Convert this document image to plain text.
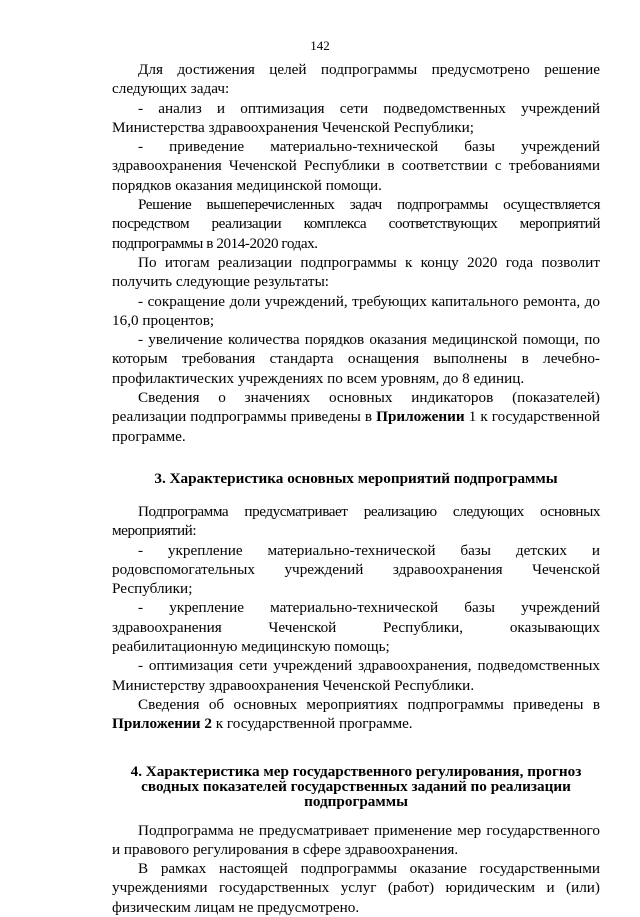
142

Для достижения целей подпрограммы предусмотрено решение следующих задач:

- анализ и оптимизация сети подведомственных учреждений Министерства здравоохранения Чеченской Республики;

- приведение материально-технической базы учреждений здравоохранения Чеченской Республики в соответствии с требованиями порядков оказания медицинской помощи.

Решение вышеперечисленных задач подпрограммы осуществляется посредством реализации комплекса соответствующих мероприятий подпрограммы в 2014-2020 годах.

По итогам реализации подпрограммы к концу 2020 года позволит получить следующие результаты:

- сокращение доли учреждений, требующих капитального ремонта, до 16,0 процентов;

- увеличение количества порядков оказания медицинской помощи, по которым требования стандарта оснащения выполнены в лечебно-профилактических учреждениях по всем уровням, до 8 единиц.

Сведения о значениях основных индикаторов (показателей) реализации подпрограммы приведены в Приложении 1 к государственной программе.

3. Характеристика основных мероприятий подпрограммы

Подпрограмма предусматривает реализацию следующих основных мероприятий:

- укрепление материально-технической базы детских и родовспомогательных учреждений здравоохранения Чеченской Республики;

- укрепление материально-технической базы учреждений здравоохранения Чеченской Республики, оказывающих реабилитационную медицинскую помощь;

- оптимизация сети учреждений здравоохранения, подведомственных Министерству здравоохранения Чеченской Республики.

Сведения об основных мероприятиях подпрограммы приведены в Приложении 2 к государственной программе.

4. Характеристика мер государственного регулирования, прогноз
сводных показателей государственных заданий по реализации
подпрограммы

Подпрограмма не предусматривает применение мер государственного и правового регулирования в сфере здравоохранения.

В рамках настоящей подпрограммы оказание государственными учреждениями государственных услуг (работ) юридическим и (или) физическим лицам не предусмотрено.
